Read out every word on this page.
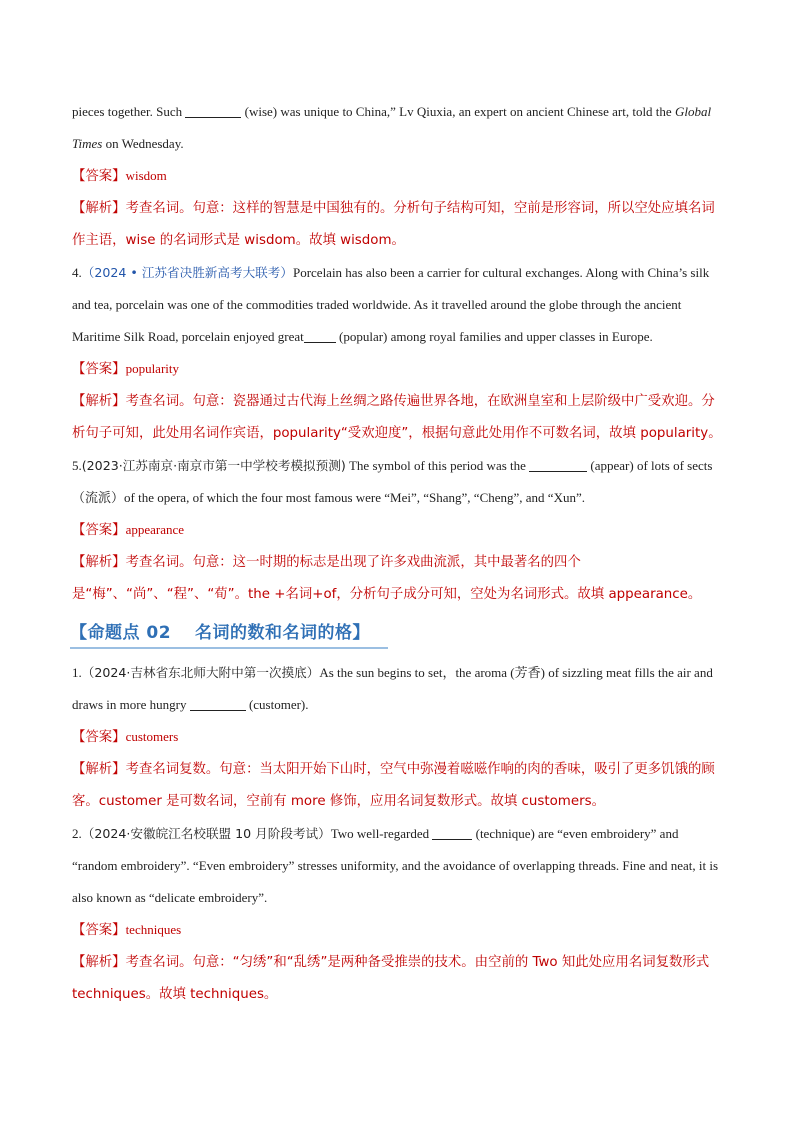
pieces together. Such	(wise) was unique to China,” Lv Qiuxia, an expert on ancient Chinese art, told the Global Times on Wednesday.

【答案】wisdom

【解析】考查名词。句意：这样的智慧是中国独有的。分析句子结构可知，空前是形容词，所以空处应填名词作主语，wise 的名词形式是 wisdom。故填 wisdom。

4.（2024 • 江苏省决胜新高考大联考）Porcelain has also been a carrier for cultural exchanges. Along with China’s silk and tea, porcelain was one of the commodities traded worldwide. As it travelled around the globe through the ancient Maritime Silk Road, porcelain enjoyed great	(popular) among royal families and upper classes in Europe.

【答案】popularity

【解析】考查名词。句意：瓷器通过古代海上丝绸之路传遍世界各地，在欧洲皇室和上层阶级中广受欢迎。分析句子可知，此处用名词作宾语，popularity“受欢迎度”，根据句意此处用作不可数名词，故填 popularity。

5.(2023·江苏南京·南京市第一中学校考模拟预测) The symbol of this period was the	(appear) of lots of sects（流派）of the opera, of which the four most famous were “Mei”, “Shang”, “Cheng”, and “Xun”.

【答案】appearance

【解析】考查名词。句意：这一时期的标志是出现了许多戏曲流派，其中最著名的四个是“梅”、“尚”、“程”、“荀”。the +名词+of，分析句子成分可知，空处为名词形式。故填 appearance。

【命题点 02　 名词的数和名词的格】

1.（2024·吉林省东北师大附中第一次摸底）As the sun begins to set，the aroma (芳香) of sizzling meat fills the air and draws in more hungry	(customer).

【答案】customers

【解析】考查名词复数。句意：当太阳开始下山时，空气中弥漫着嗞嗞作响的肉的香味，吸引了更多饥饿的顾客。customer 是可数名词，空前有 more 修饰，应用名词复数形式。故填 customers。

2.（2024·安徽皖江名校联盟 10 月阶段考试）Two well-regarded	(technique) are “even embroidery” and “random embroidery”. “Even embroidery” stresses uniformity, and the avoidance of overlapping threads. Fine and neat, it is also known as “delicate embroidery”.

【答案】techniques

【解析】考查名词。句意：“匀绣”和“乱绣”是两种备受推崇的技术。由空前的 Two 知此处应用名词复数形式 techniques。故填 techniques。
